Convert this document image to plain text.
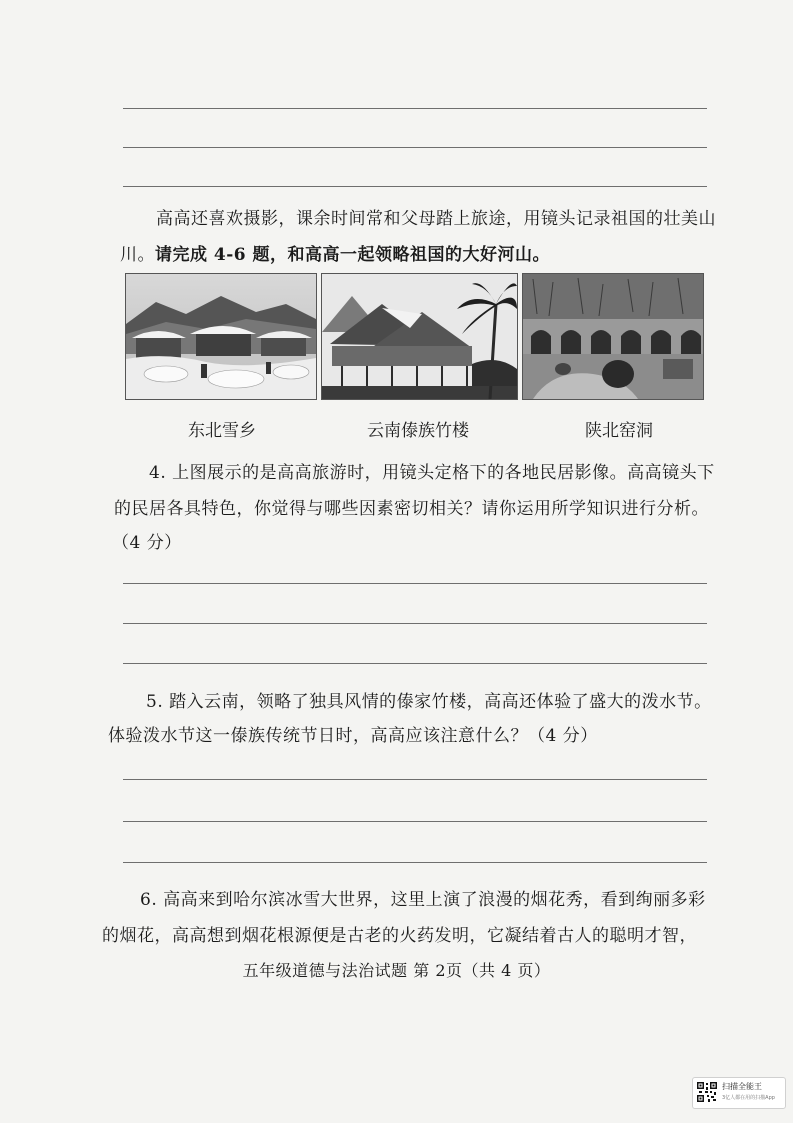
高高还喜欢摄影，课余时间常和父母踏上旅途，用镜头记录祖国的壮美山
川。请完成 4-6 题，和高高一起领略祖国的大好河山。
东北雪乡	云南傣族竹楼	陕北窑洞
4. 上图展示的是高高旅游时，用镜头定格下的各地民居影像。高高镜头下
的民居各具特色，你觉得与哪些因素密切相关？请你运用所学知识进行分析。
（4 分）
5. 踏入云南，领略了独具风情的傣家竹楼，高高还体验了盛大的泼水节。
体验泼水节这一傣族传统节日时，高高应该注意什么？（4 分）
6. 高高来到哈尔滨冰雪大世界，这里上演了浪漫的烟花秀，看到绚丽多彩
的烟花，高高想到烟花根源便是古老的火药发明，它凝结着古人的聪明才智，
五年级道德与法治试题 第 2页（共 4 页）
扫描全能王
3亿人都在用的扫描App
